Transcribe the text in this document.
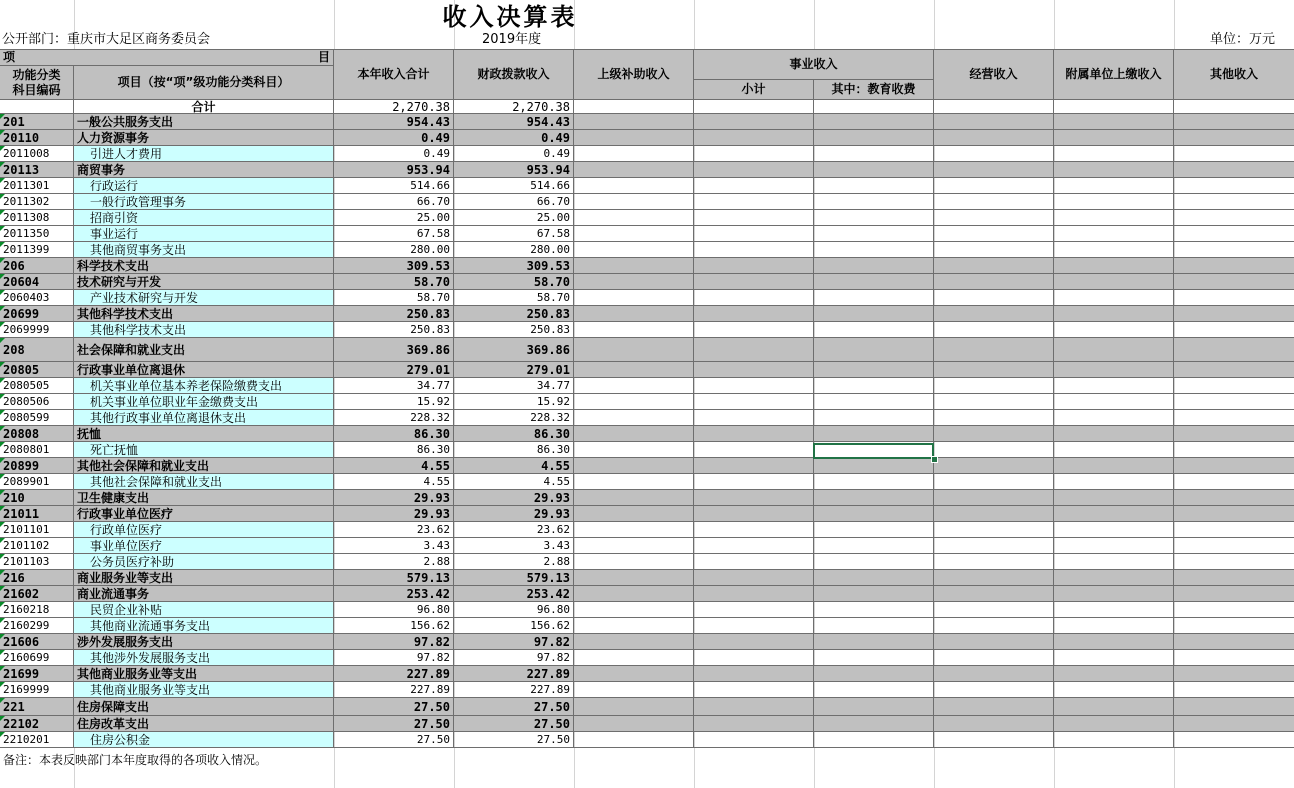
收入决算表
公开部门：重庆市大足区商务委员会	2019年度	单位：万元
项	目
功能分类
科目编码
项目（按“项”级功能分类科目）
本年收入合计	财政拨款收入	上级补助收入
事业收入
小计	其中：教育收费
经营收入	附属单位上缴收入	其他收入
合计	2,270.38	2,270.38
201	一般公共服务支出	954.43	954.43
20110	人力资源事务	0.49	0.49
2011008	引进人才费用	0.49	0.49
20113	商贸事务	953.94	953.94
2011301	行政运行	514.66	514.66
2011302	一般行政管理事务	66.70	66.70
2011308	招商引资	25.00	25.00
2011350	事业运行	67.58	67.58
2011399	其他商贸事务支出	280.00	280.00
206	科学技术支出	309.53	309.53
20604	技术研究与开发	58.70	58.70
2060403	产业技术研究与开发	58.70	58.70
20699	其他科学技术支出	250.83	250.83
2069999	其他科学技术支出	250.83	250.83
208	社会保障和就业支出	369.86	369.86
20805	行政事业单位离退休	279.01	279.01
2080505	机关事业单位基本养老保险缴费支出	34.77	34.77
2080506	机关事业单位职业年金缴费支出	15.92	15.92
2080599	其他行政事业单位离退休支出	228.32	228.32
20808	抚恤	86.30	86.30
2080801	死亡抚恤	86.30	86.30
20899	其他社会保障和就业支出	4.55	4.55
2089901	其他社会保障和就业支出	4.55	4.55
210	卫生健康支出	29.93	29.93
21011	行政事业单位医疗	29.93	29.93
2101101	行政单位医疗	23.62	23.62
2101102	事业单位医疗	3.43	3.43
2101103	公务员医疗补助	2.88	2.88
216	商业服务业等支出	579.13	579.13
21602	商业流通事务	253.42	253.42
2160218	民贸企业补贴	96.80	96.80
2160299	其他商业流通事务支出	156.62	156.62
21606	涉外发展服务支出	97.82	97.82
2160699	其他涉外发展服务支出	97.82	97.82
21699	其他商业服务业等支出	227.89	227.89
2169999	其他商业服务业等支出	227.89	227.89
221	住房保障支出	27.50	27.50
22102	住房改革支出	27.50	27.50
2210201	住房公积金	27.50	27.50
备注：本表反映部门本年度取得的各项收入情况。
